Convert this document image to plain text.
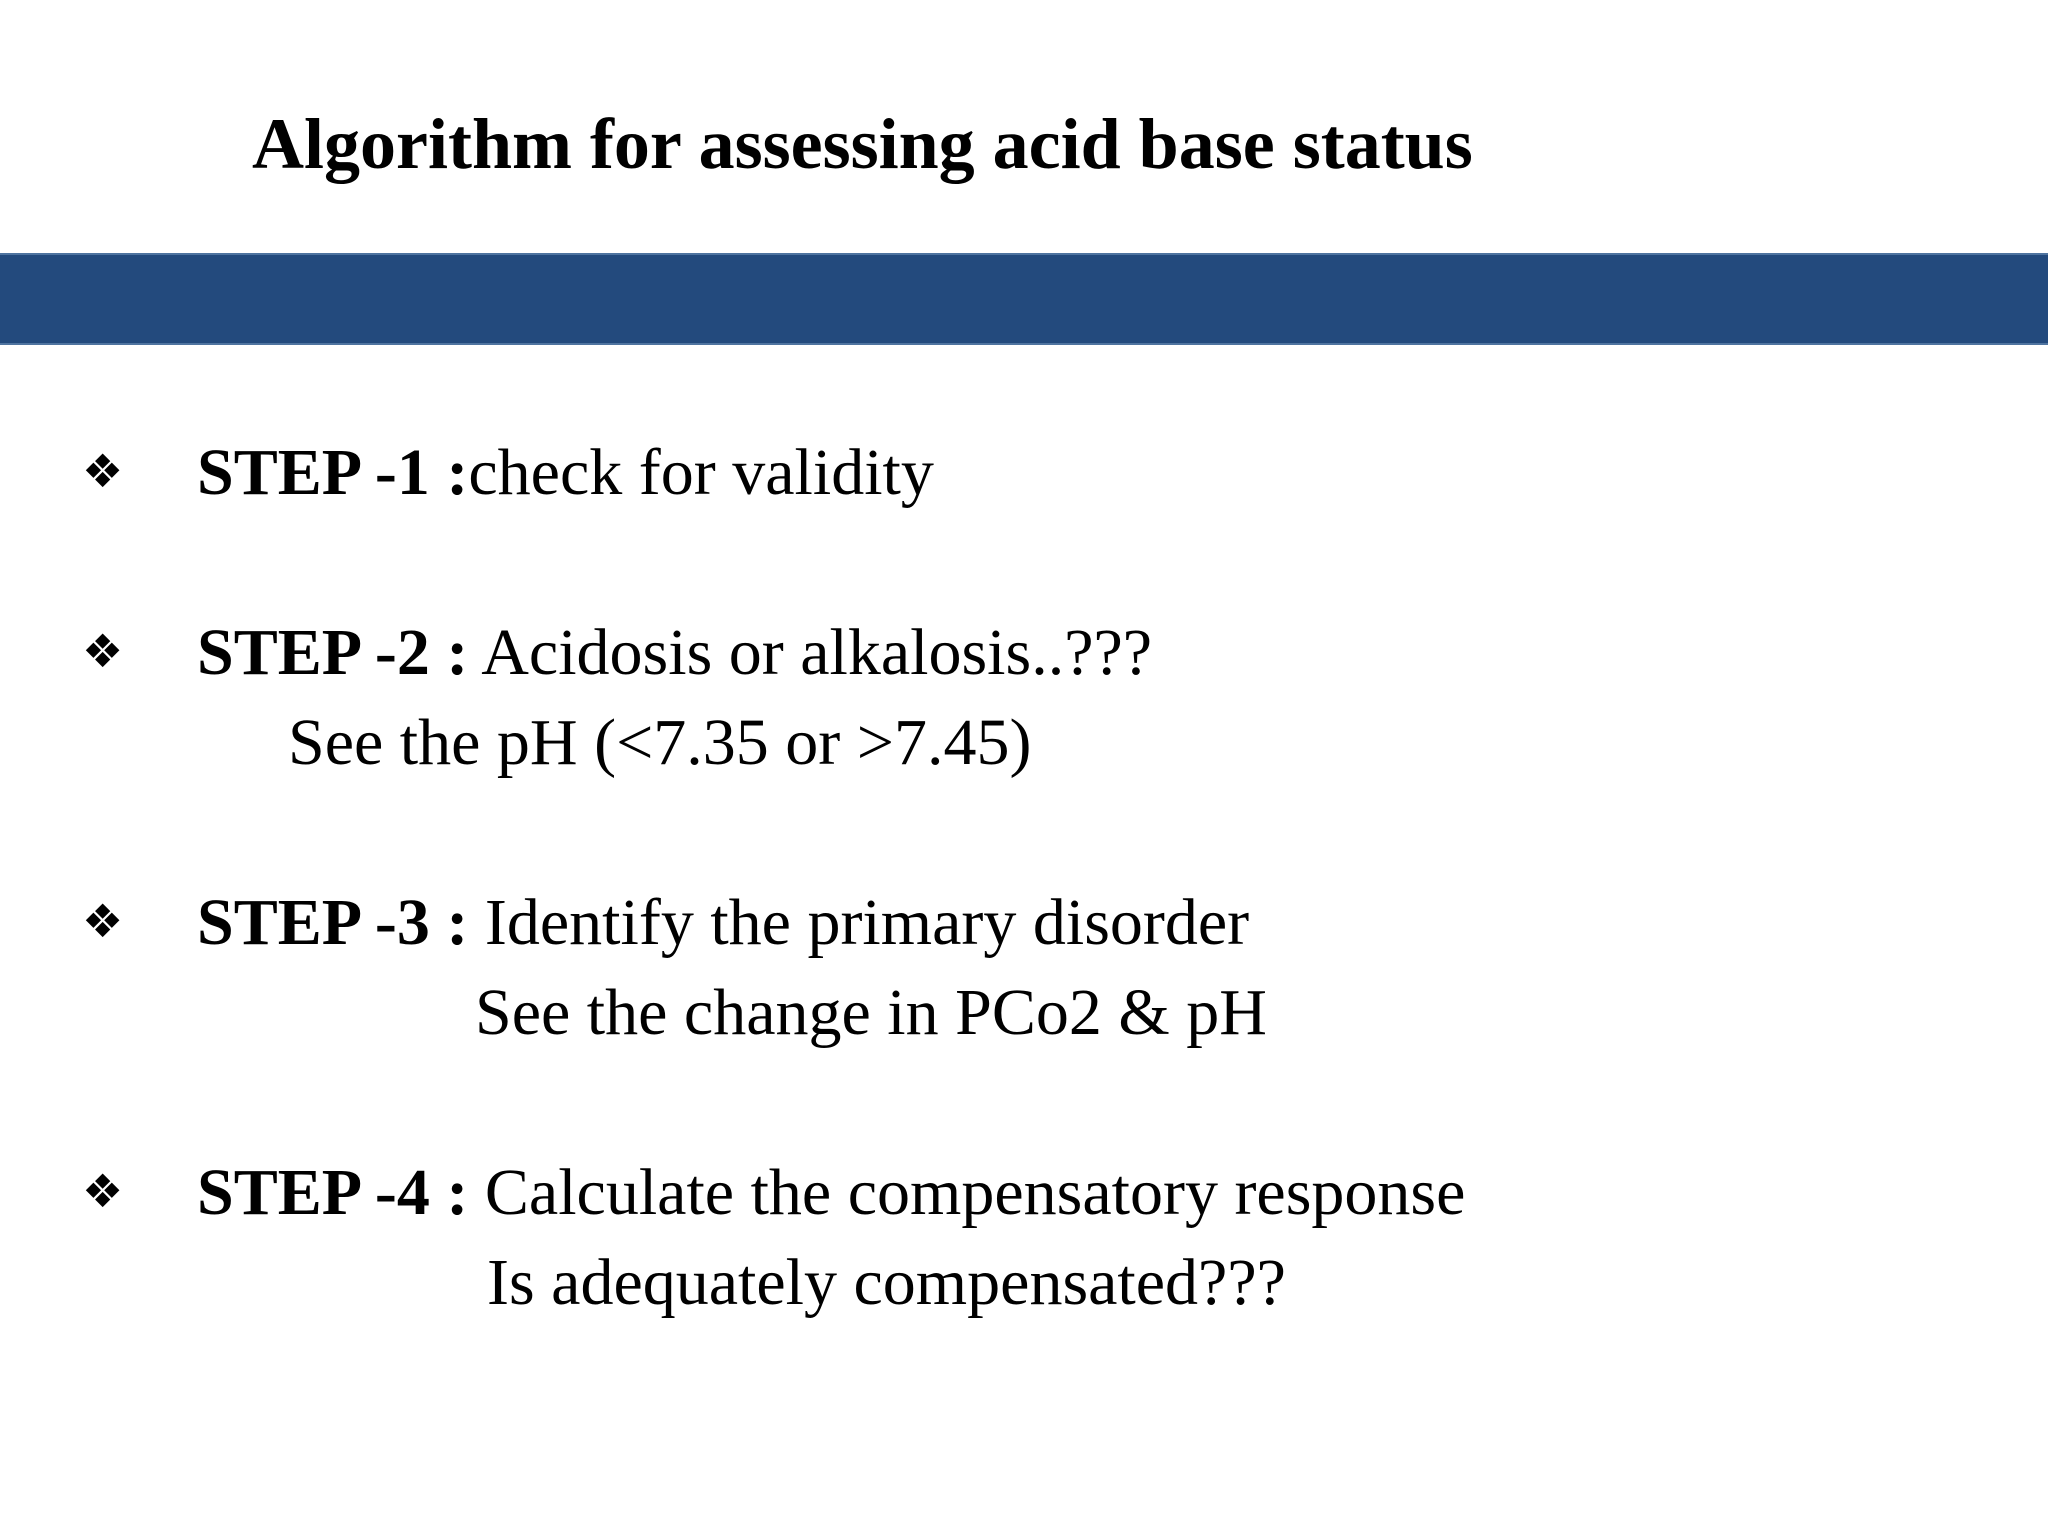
Algorithm for assessing acid base status
❖ STEP -1 :check for validity
❖ STEP -2 : Acidosis or alkalosis..???
See the pH (<7.35 or >7.45)
❖ STEP -3 : Identify the primary disorder
See the change in PCo2 & pH
❖ STEP -4 : Calculate the compensatory response
Is adequately compensated???
